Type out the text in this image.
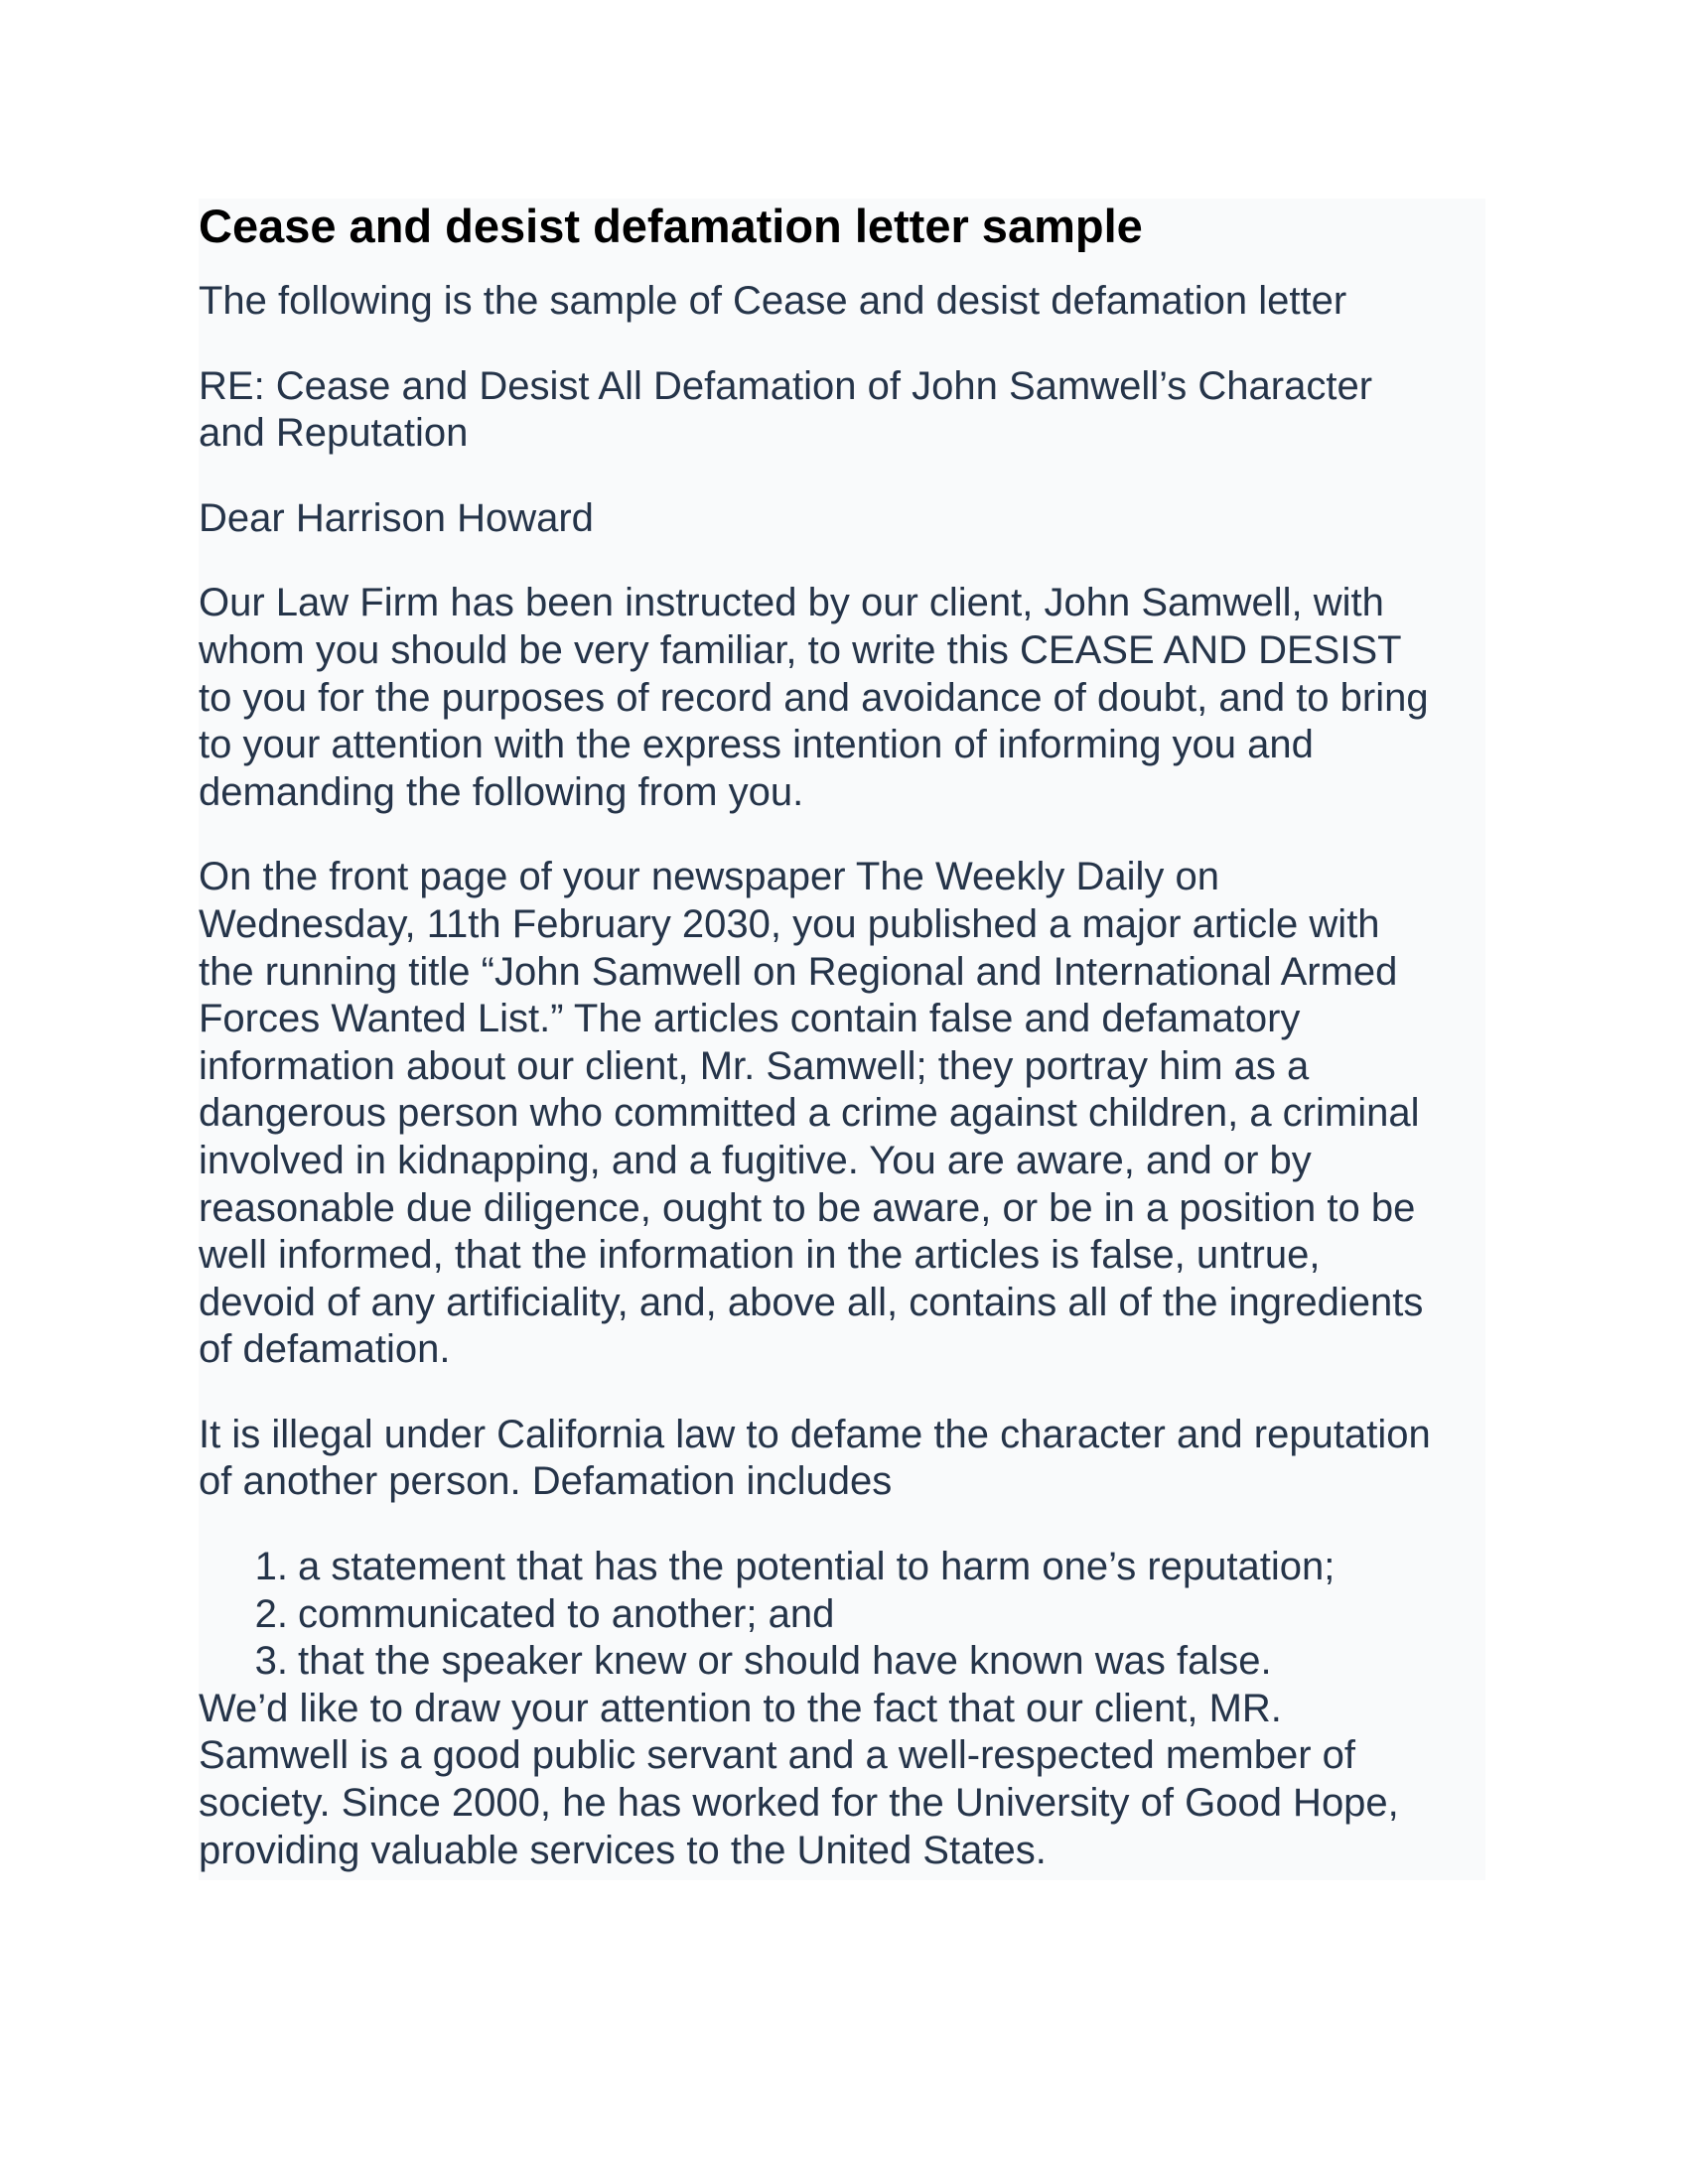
Cease and desist defamation letter sample

The following is the sample of Cease and desist defamation letter

RE: Cease and Desist All Defamation of John Samwell’s Character
and Reputation

Dear Harrison Howard

Our Law Firm has been instructed by our client, John Samwell, with
whom you should be very familiar, to write this CEASE AND DESIST
to you for the purposes of record and avoidance of doubt, and to bring
to your attention with the express intention of informing you and
demanding the following from you.

On the front page of your newspaper The Weekly Daily on
Wednesday, 11th February 2030, you published a major article with
the running title “John Samwell on Regional and International Armed
Forces Wanted List.” The articles contain false and defamatory
information about our client, Mr. Samwell; they portray him as a
dangerous person who committed a crime against children, a criminal
involved in kidnapping, and a fugitive. You are aware, and or by
reasonable due diligence, ought to be aware, or be in a position to be
well informed, that the information in the articles is false, untrue,
devoid of any artificiality, and, above all, contains all of the ingredients
of defamation.

It is illegal under California law to defame the character and reputation
of another person. Defamation includes

1. a statement that has the potential to harm one’s reputation;
2. communicated to another; and
3. that the speaker knew or should have known was false.

We’d like to draw your attention to the fact that our client, MR.
Samwell is a good public servant and a well-respected member of
society. Since 2000, he has worked for the University of Good Hope,
providing valuable services to the United States.
